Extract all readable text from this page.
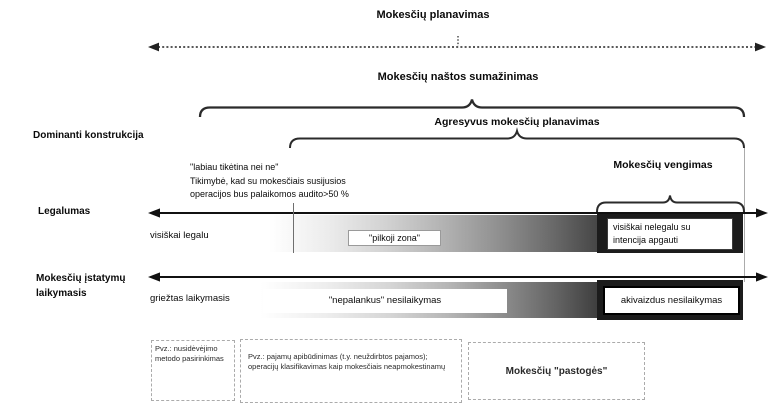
Mokesčių planavimas
Mokesčių naštos sumažinimas
Agresyvus mokesčių planavimas
Mokesčių vengimas
Dominanti konstrukcija
Legalumas
Mokesčių įstatymų
laikymasis
"labiau tikėtina nei ne"
Tikimybė, kad su mokesčiais susijusios
operacijos bus palaikomos audito>50 %
visiškai legalu	"pilkoji zona"
visiškai nelegalu su
intencija apgauti
griežtas laikymasis	"nepalankus" nesilaikymas	akivaizdus nesilaikymas
Pvz.: nusidėvėjimo metodo pasirinkimas	Pvz.: pajamų apibūdinimas (t.y. neuždirbtos pajamos); operacijų klasifikavimas kaip mokesčiais neapmokestinamų	Mokesčių "pastogės"
